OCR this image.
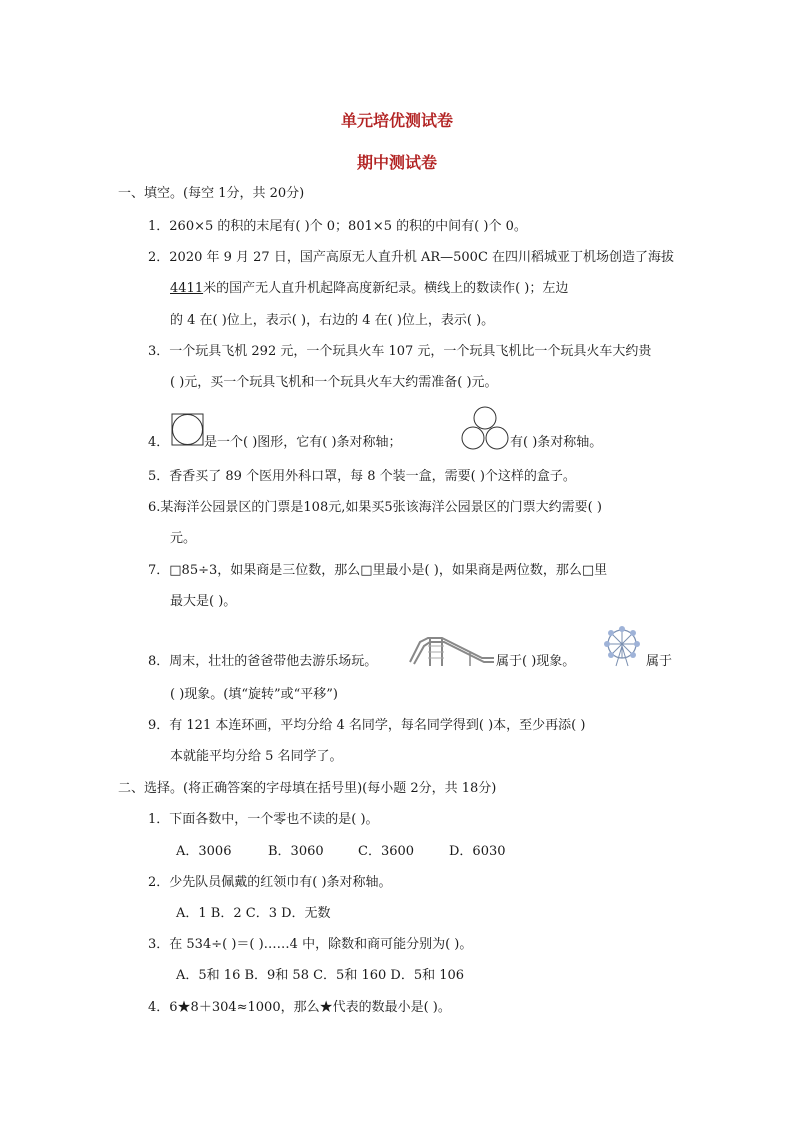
单元培优测试卷
期中测试卷
一、填空。(每空 1分，共 20分)
1．260×5 的积的末尾有( )个 0；801×5 的积的中间有( )个 0。
2．2020 年 9 月 27 日，国产高原无人直升机 AR—500C 在四川稻城亚丁机场创造了海拔
4411米的国产无人直升机起降高度新纪录。横线上的数读作( )；左边
的 4 在( )位上，表示( )，右边的 4 在( )位上，表示( )。
3．一个玩具飞机 292 元，一个玩具火车 107 元，一个玩具飞机比一个玩具火车大约贵
( )元，买一个玩具飞机和一个玩具火车大约需准备( )元。
4．	是一个( )图形，它有( )条对称轴；	有( )条对称轴。
5．香香买了 89 个医用外科口罩，每 8 个装一盒，需要( )个这样的盒子。
6.某海洋公园景区的门票是108元,如果买5张该海洋公园景区的门票大约需要( )
元。
7．□85÷3，如果商是三位数，那么□里最小是( )，如果商是两位数，那么□里
最大是( )。
8．周末，壮壮的爸爸带他去游乐场玩。	属于( )现象。	属于
( )现象。(填“旋转”或“平移”)
9．有 121 本连环画，平均分给 4 名同学，每名同学得到( )本，至少再添( )
本就能平均分给 5 名同学了。
二、选择。(将正确答案的字母填在括号里)(每小题 2分，共 18分)
1．下面各数中，一个零也不读的是( )。
A．3006	B．3060	C．3600	D．6030
2．少先队员佩戴的红领巾有( )条对称轴。
A．1 B．2 C．3 D．无数
3．在 534÷( )＝( )……4 中，除数和商可能分别为( )。
A．5和 16 B．9和 58 C．5和 160 D．5和 106
4．6★8＋304≈1000，那么★代表的数最小是( )。
